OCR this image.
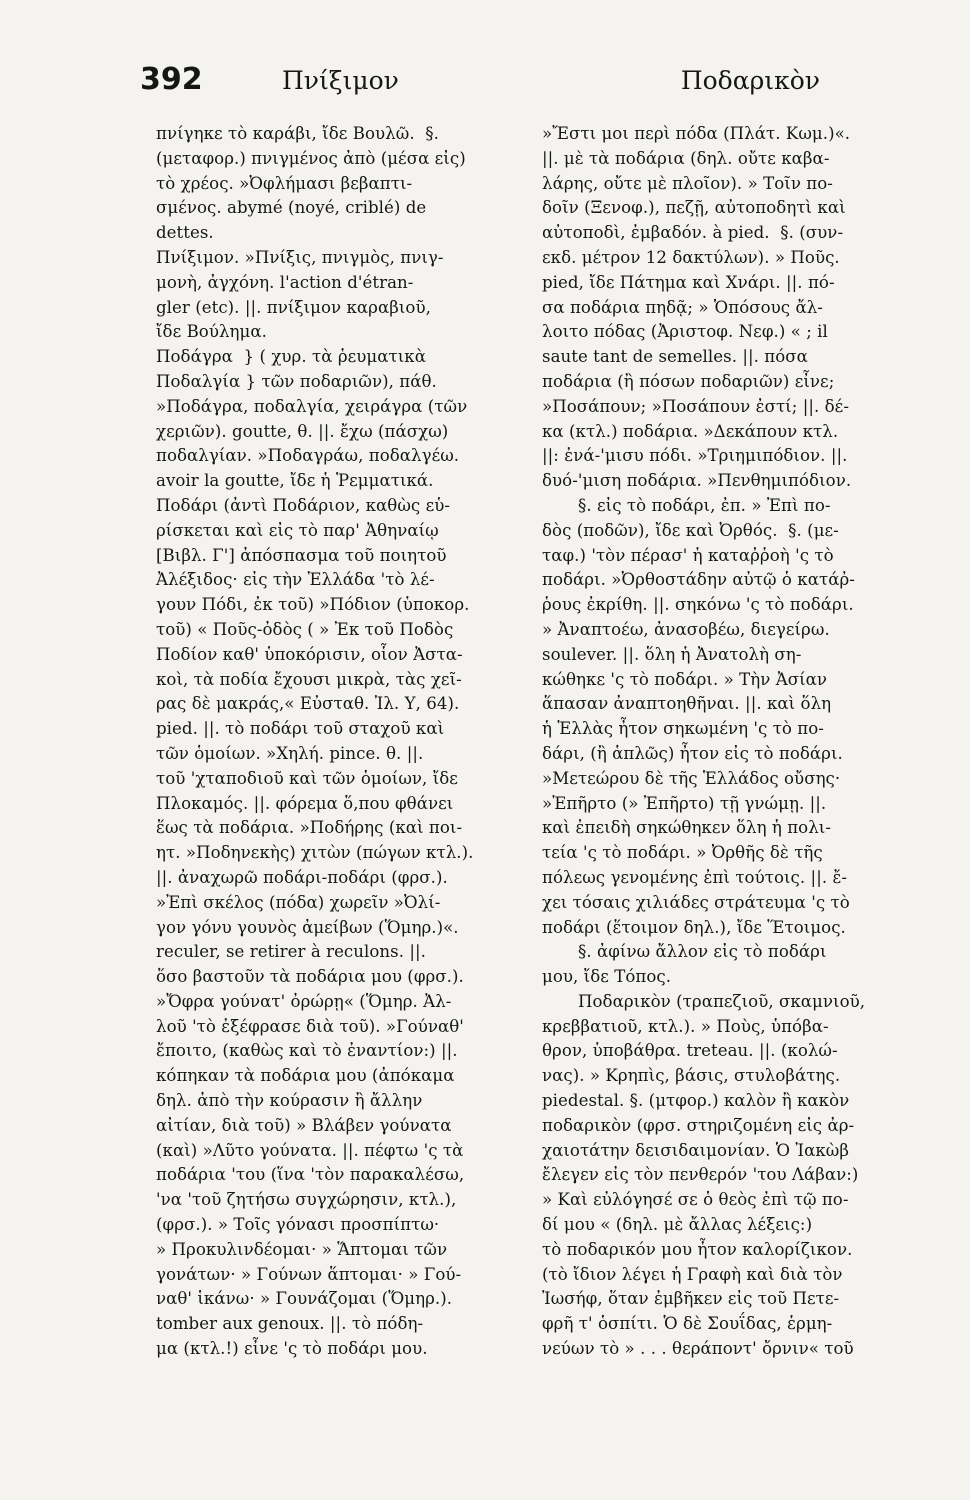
392	Πνίξιμον	Ποδαρικὸν

πνίγηκε τὸ καράβι, ἴδε Βουλῶ.  §.

(μεταφορ.) πνιγμένος ἀπὸ (μέσα εἰς)

τὸ χρέος. »Ὀφλήμασι βεβαπτι-

σμένος. abymé (noyé, criblé) de

dettes.

Πνίξιμον. »Πνίξις, πνιγμὸς, πνιγ-

μονὴ, ἀγχόνη. l'action d'étran-

gler (etc). ||. πνίξιμον καραβιοῦ,

ἴδε Βούλημα.

Ποδάγρα  } ( χυρ. τὰ ῥευματικὰ

Ποδαλγία } τῶν ποδαριῶν), πάθ.

»Ποδάγρα, ποδαλγία, χειράγρα (τῶν

χεριῶν). goutte, θ. ||. ἔχω (πάσχω)

ποδαλγίαν. »Ποδαγράω, ποδαλγέω.

avoir la goutte, ἴδε ἡ Ῥεμματικά.

Ποδάρι (ἀντὶ Ποδάριον, καθὼς εὑ-

ρίσκεται καὶ εἰς τὸ παρ' Ἀθηναίῳ

[Βιβλ. Γ'] ἀπόσπασμα τοῦ ποιητοῦ

Ἀλέξιδος· εἰς τὴν Ἑλλάδα 'τὸ λέ-

γουν Πόδι, ἐκ τοῦ) »Πόδιον (ὑποκορ.

τοῦ) « Ποῦς-ὀδὸς ( » Ἐκ τοῦ Ποδὸς

Ποδίον καθ' ὑποκόρισιν, οἷον Ἀστα-

κοὶ, τὰ ποδία ἔχουσι μικρὰ, τὰς χεῖ-

ρας δὲ μακράς,« Εὐσταθ. Ἰλ. Υ, 64).

pied. ||. τὸ ποδάρι τοῦ σταχοῦ καὶ

τῶν ὁμοίων. »Χηλή. pince. θ. ||.

τοῦ 'χταποδιοῦ καὶ τῶν ὁμοίων, ἴδε

Πλοκαμός. ||. φόρεμα ὅ,που φθάνει

ἕως τὰ ποδάρια. »Ποδήρης (καὶ ποι-

ητ. »Ποδηνεκὴς) χιτὼν (πώγων κτλ.).

||. ἀναχωρῶ ποδάρι-ποδάρι (φρσ.).

»Ἐπὶ σκέλος (πόδα) χωρεῖν »Ὀλί-

γον γόνυ γουνὸς ἀμείβων (Ὅμηρ.)«.

reculer, se retirer à reculons. ||.

ὅσο βαστοῦν τὰ ποδάρια μου (φρσ.).

»Ὄφρα γούνατ' ὀρώρῃ« (Ὅμηρ. Ἀλ-

λοῦ 'τὸ ἐξέφρασε διὰ τοῦ). »Γούναθ'

ἔποιτο, (καθὼς καὶ τὸ ἐναντίον:) ||.

κόπηκαν τὰ ποδάρια μου (ἀπόκαμα

δηλ. ἀπὸ τὴν κούρασιν ἢ ἄλλην

αἰτίαν, διὰ τοῦ) » Βλάβεν γούνατα

(καὶ) »Λῦτο γούνατα. ||. πέφτω 'ς τὰ

ποδάρια 'του (ἵνα 'τὸν παρακαλέσω,

'να 'τοῦ ζητήσω συγχώρησιν, κτλ.),

(φρσ.). » Τοῖς γόνασι προσπίπτω·

» Προκυλινδέομαι· » Ἅπτομαι τῶν

γονάτων· » Γούνων ἅπτομαι· » Γού-

ναθ' ἱκάνω· » Γουνάζομαι (Ὅμηρ.).

tomber aux genoux. ||. τὸ πόδη-

μα (κτλ.!) εἶνε 'ς τὸ ποδάρι μου.

»Ἔστι μοι περὶ πόδα (Πλάτ. Κωμ.)«.

||. μὲ τὰ ποδάρια (δηλ. οὔτε καβα-

λάρης, οὔτε μὲ πλοῖον). » Τοῖν πο-

δοῖν (Ξενοφ.), πεζῇ, αὐτοποδητὶ καὶ

αὐτοποδὶ, ἐμβαδόν. à pied.  §. (συν-

εκδ. μέτρον 12 δακτύλων). » Ποῦς.

pied, ἴδε Πάτημα καὶ Χνάρι. ||. πό-

σα ποδάρια πηδᾷ; » Ὁπόσους ἄλ-

λοιτο πόδας (Ἀριστοφ. Νεφ.) « ; il

saute tant de semelles. ||. πόσα

ποδάρια (ἢ πόσων ποδαριῶν) εἶνε;

»Ποσάπουν; »Ποσάπουν ἐστί; ||. δέ-

κα (κτλ.) ποδάρια. »Δεκάπουν κτλ.

||: ἐνά-'μισυ πόδι. »Τριημιπόδιον. ||.

δυό-'μιση ποδάρια. »Πενθημιπόδιον.

§. εἰς τὸ ποδάρι, ἐπ. » Ἐπὶ πο-

δὸς (ποδῶν), ἴδε καὶ Ὀρθός.  §. (με-

ταφ.) 'τὸν πέρασ' ἡ καταῤῥοὴ 'ς τὸ

ποδάρι. »Ὀρθοστάδην αὐτῷ ὁ κατάῤ-

ῥους ἐκρίθη. ||. σηκόνω 'ς τὸ ποδάρι.

» Ἀναπτοέω, ἀνασοβέω, διεγείρω.

soulever. ||. ὅλη ἡ Ἀνατολὴ ση-

κώθηκε 'ς τὸ ποδάρι. » Τὴν Ἀσίαν

ἅπασαν ἀναπτοηθῆναι. ||. καὶ ὅλη

ἡ Ἑλλὰς ἦτον σηκωμένη 'ς τὸ πο-

δάρι, (ἢ ἁπλῶς) ἦτον εἰς τὸ ποδάρι.

»Μετεώρου δὲ τῆς Ἑλλάδος οὔσης·

»Ἐπῆρτο (» Ἐπῆρτο) τῇ γνώμῃ. ||.

καὶ ἐπειδὴ σηκώθηκεν ὅλη ἡ πολι-

τεία 'ς τὸ ποδάρι. » Ὀρθῆς δὲ τῆς

πόλεως γενομένης ἐπὶ τούτοις. ||. ἔ-

χει τόσαις χιλιάδες στράτευμα 'ς τὸ

ποδάρι (ἕτοιμον δηλ.), ἴδε Ἕτοιμος.

§. ἀφίνω ἄλλον εἰς τὸ ποδάρι

μου, ἴδε Τόπος.

Ποδαρικὸν (τραπεζιοῦ, σκαμνιοῦ,

κρεββατιοῦ, κτλ.). » Ποὺς, ὑπόβα-

θρον, ὑποβάθρα. treteau. ||. (κολώ-

νας). » Κρηπὶς, βάσις, στυλοβάτης.

piedestal. §. (μτφορ.) καλὸν ἢ κακὸν

ποδαρικὸν (φρσ. στηριζομένη εἰς ἀρ-

χαιοτάτην δεισιδαιμονίαν. Ὁ Ἰακὼβ

ἔλεγεν εἰς τὸν πενθερόν 'του Λάβαν:)

» Καὶ εὐλόγησέ σε ὁ θεὸς ἐπὶ τῷ πο-

δί μου « (δηλ. μὲ ἄλλας λέξεις:)

τὸ ποδαρικόν μου ἦτον καλορίζικον.

(τὸ ἴδιον λέγει ἡ Γραφὴ καὶ διὰ τὸν

Ἰωσήφ, ὅταν ἐμβῆκεν εἰς τοῦ Πετε-

φρῆ τ' ὁσπίτι. Ὁ δὲ Σουΐδας, ἑρμη-

νεύων τὸ » . . . θεράποντ' ὄρνιν« τοῦ
